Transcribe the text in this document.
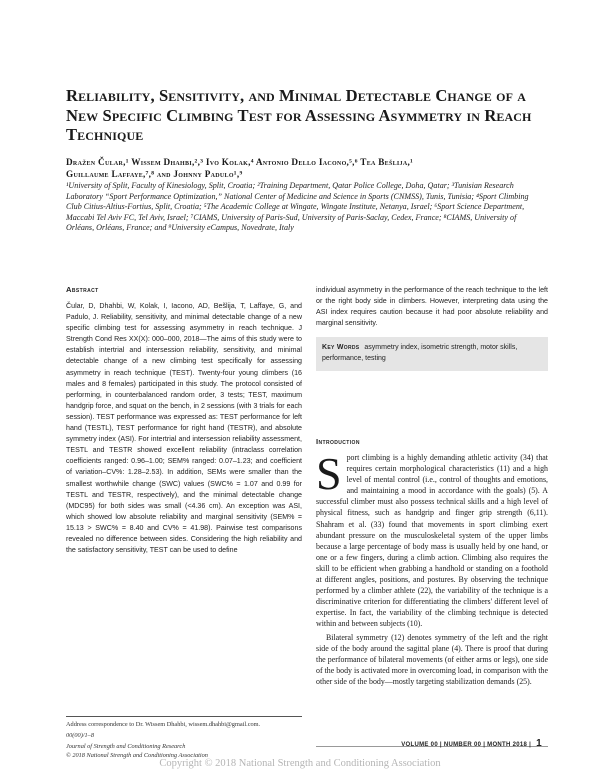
Reliability, Sensitivity, and Minimal Detectable Change of a New Specific Climbing Test for Assessing Asymmetry in Reach Technique
Dražen Čular,¹ Wissem Dhahbi,²,³ Ivo Kolak,⁴ Antonio Dello Iacono,⁵,⁶ Tea Bešlija,¹
Guillaume Laffaye,⁷,⁸ and Johnny Padulo¹,⁹
¹University of Split, Faculty of Kinesiology, Split, Croatia; ²Training Department, Qatar Police College, Doha, Qatar; ³Tunisian Research Laboratory “Sport Performance Optimization,” National Center of Medicine and Science in Sports (CNMSS), Tunis, Tunisia; ⁴Sport Climbing Club Citius-Altius-Fortius, Split, Croatia; ⁵The Academic College at Wingate, Wingate Institute, Netanya, Israel; ⁶Sport Science Department, Maccabi Tel Aviv FC, Tel Aviv, Israel; ⁷CIAMS, University of Paris-Sud, University of Paris-Saclay, Cedex, France; ⁸CIAMS, University of Orléans, Orléans, France; and ⁹University eCampus, Novedrate, Italy
Abstract
Čular, D, Dhahbi, W, Kolak, I, Iacono, AD, Bešlija, T, Laffaye, G, and Padulo, J. Reliability, sensitivity, and minimal detectable change of a new specific climbing test for assessing asymmetry in reach technique. J Strength Cond Res XX(X): 000–000, 2018—The aims of this study were to establish intertrial and intersession reliability, sensitivity, and minimal detectable change of a new climbing test specifically for assessing asymmetry in reach technique (TEST). Twenty-four young climbers (16 males and 8 females) participated in this study. The protocol consisted of performing, in counterbalanced random order, 3 tests; TEST, maximum handgrip force, and squat on the bench, in 2 sessions (with 3 trials for each session). TEST performance was expressed as: TEST performance for left hand (TESTL), TEST performance for right hand (TESTR), and absolute symmetry index (ASI). For intertrial and intersession reliability assessment, TESTL and TESTR showed excellent reliability (intraclass correlation coefficients ranged: 0.96–1.00; SEM% ranged: 0.07–1.23; and coefficient of variation–CV%: 1.28–2.53). In addition, SEMs were smaller than the smallest worthwhile change (SWC) values (SWC% = 1.07 and 0.99 for TESTL and TESTR, respectively), and the minimal detectable change (MDC95) for both sides was small (<4.36 cm). An exception was ASI, which showed low absolute reliability and marginal sensitivity (SEM% = 15.13 > SWC% = 8.40 and CV% = 41.98). Pairwise test comparisons revealed no difference between sides. Considering the high reliability and the satisfactory sensitivity, TEST can be used to define
individual asymmetry in the performance of the reach technique to the left or the right body side in climbers. However, interpreting data using the ASI index requires caution because it had poor absolute reliability and marginal sensitivity.
Key Words asymmetry index, isometric strength, motor skills, performance, testing
Introduction

Sport climbing is a highly demanding athletic activity (34) that requires certain morphological characteristics (11) and a high level of mental control (i.e., control of thoughts and emotions, and maintaining a mood in accordance with the goals) (5). A successful climber must also possess technical skills and a high level of physical fitness, such as handgrip and finger grip strength (6,11). Shahram et al. (33) found that movements in sport climbing exert abundant pressure on the musculoskeletal system of the upper limbs because a large percentage of body mass is usually held by one hand, or one or a few fingers, during a climb action. Climbing also requires the skill to be efficient when grabbing a handhold or standing on a foothold at different angles, positions, and postures. By observing the technique performed by a climber athlete (22), the variability of the technique is a discriminative criterion for differentiating the climbers' different level of expertise. In fact, the variability of the climbing technique is detected within and between subjects (10).

Bilateral symmetry (12) denotes symmetry of the left and the right side of the body around the sagittal plane (4). There is proof that during the performance of bilateral movements (of either arms or legs), one side of the body is activated more in overcoming load, in comparison with the other side of the body—mostly targeting stabilization demands (25).

Address correspondence to Dr. Wissem Dhahbi, wissem.dhahbi@gmail.com.
00(00)/1–8
Journal of Strength and Conditioning Research
© 2018 National Strength and Conditioning Association
VOLUME 00 | NUMBER 00 | MONTH 2018 | 1
Copyright © 2018 National Strength and Conditioning Association
